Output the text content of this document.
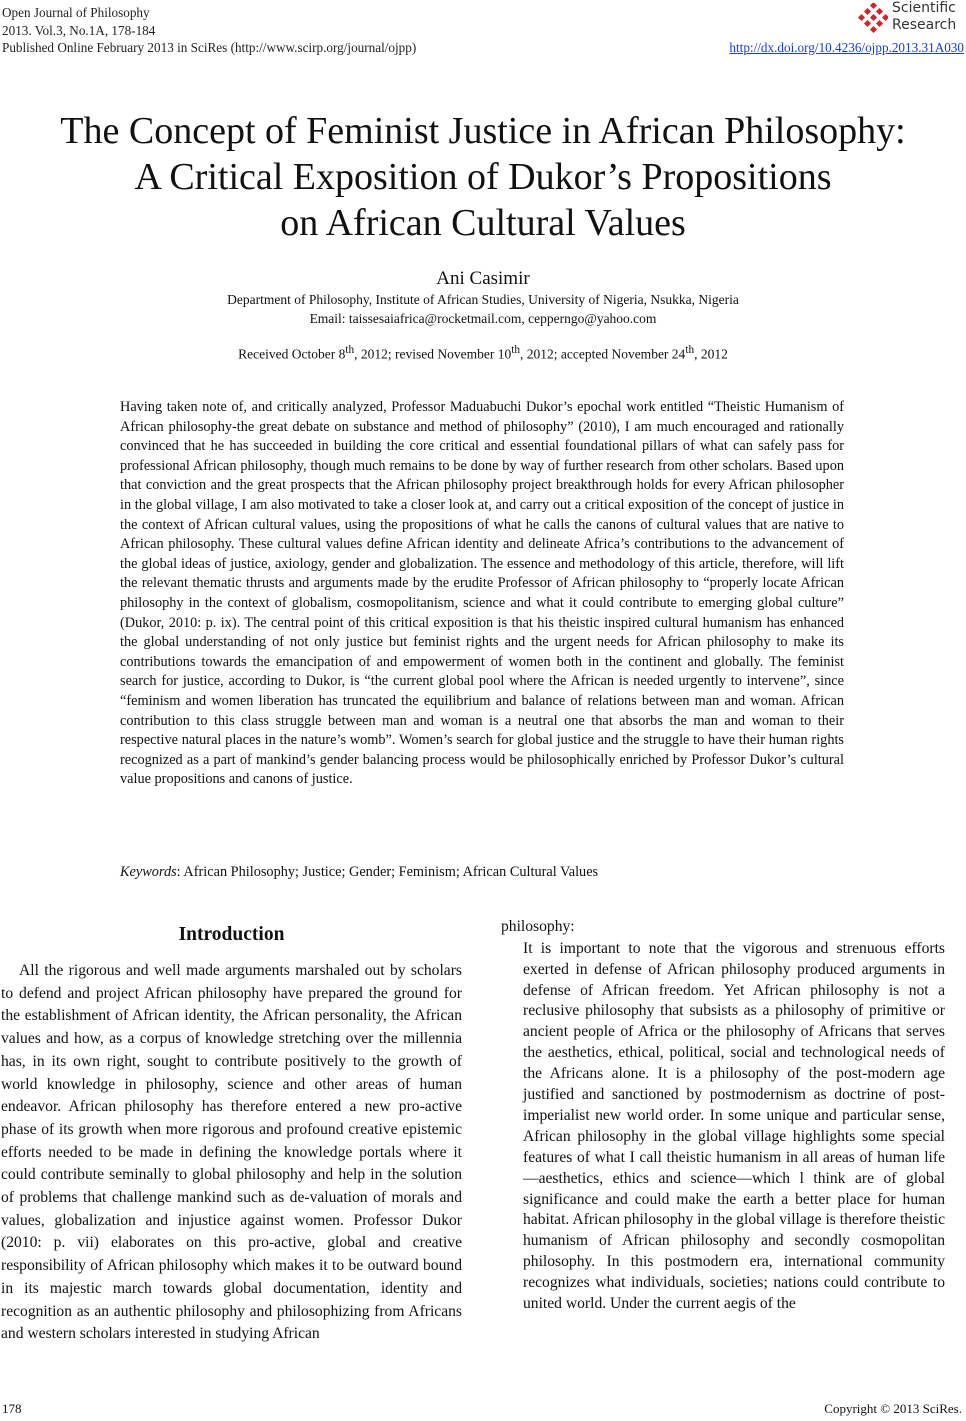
Open Journal of Philosophy
2013. Vol.3, No.1A, 178-184
Published Online February 2013 in SciRes (http://www.scirp.org/journal/ojpp)
Scientific
Research
http://dx.doi.org/10.4236/ojpp.2013.31A030
The Concept of Feminist Justice in African Philosophy:
A Critical Exposition of Dukor’s Propositions
on African Cultural Values
Ani Casimir
Department of Philosophy, Institute of African Studies, University of Nigeria, Nsukka, Nigeria
Email: taissesaiafrica@rocketmail.com, cepperngo@yahoo.com
Received October 8th, 2012; revised November 10th, 2012; accepted November 24th, 2012
Having taken note of, and critically analyzed, Professor Maduabuchi Dukor’s epochal work entitled “Theistic Humanism of African philosophy-the great debate on substance and method of philosophy” (2010), I am much encouraged and rationally convinced that he has succeeded in building the core critical and essential foundational pillars of what can safely pass for professional African philosophy, though much remains to be done by way of further research from other scholars. Based upon that conviction and the great prospects that the African philosophy project breakthrough holds for every African philosopher in the global village, I am also motivated to take a closer look at, and carry out a critical exposition of the concept of justice in the context of African cultural values, using the propositions of what he calls the canons of cultural values that are native to African philosophy. These cultural values define African identity and delineate Africa’s contributions to the advancement of the global ideas of justice, axiology, gender and globalization. The essence and methodology of this article, therefore, will lift the relevant thematic thrusts and arguments made by the erudite Professor of African philosophy to “properly locate African philosophy in the context of globalism, cosmopolitanism, science and what it could contribute to emerging global culture” (Dukor, 2010: p. ix). The central point of this critical exposition is that his theistic inspired cultural humanism has enhanced the global understanding of not only justice but feminist rights and the urgent needs for African philosophy to make its contributions towards the emancipation of and empowerment of women both in the continent and globally. The feminist search for justice, according to Dukor, is “the current global pool where the African is needed urgently to intervene”, since “feminism and women liberation has truncated the equilibrium and balance of relations between man and woman. African contribution to this class struggle between man and woman is a neutral one that absorbs the man and woman to their respective natural places in the nature’s womb”. Women’s search for global justice and the struggle to have their human rights recognized as a part of mankind’s gender balancing process would be philosophically enriched by Professor Dukor’s cultural value propositions and canons of justice.
Keywords: African Philosophy; Justice; Gender; Feminism; African Cultural Values
Introduction

All the rigorous and well made arguments marshaled out by scholars to defend and project African philosophy have prepared the ground for the establishment of African identity, the African personality, the African values and how, as a corpus of knowledge stretching over the millennia has, in its own right, sought to contribute positively to the growth of world knowledge in philosophy, science and other areas of human endeavor. African philosophy has therefore entered a new pro-active phase of its growth when more rigorous and profound creative epistemic efforts needed to be made in defining the knowledge portals where it could contribute seminally to global philosophy and help in the solution of problems that challenge mankind such as de-valuation of morals and values, globalization and injustice against women. Professor Dukor (2010: p. vii) elaborates on this pro-active, global and creative responsibility of African philosophy which makes it to be outward bound in its majestic march towards global documentation, identity and recognition as an authentic philosophy and philosophizing from Africans and western scholars interested in studying African

philosophy:
It is important to note that the vigorous and strenuous efforts exerted in defense of African philosophy produced arguments in defense of African freedom. Yet African philosophy is not a reclusive philosophy that subsists as a philosophy of primitive or ancient people of Africa or the philosophy of Africans that serves the aesthetics, ethical, political, social and technological needs of the Africans alone. It is a philosophy of the post-modern age justified and sanctioned by postmodernism as doctrine of post-imperialist new world order. In some unique and particular sense, African philosophy in the global village highlights some special features of what I call theistic humanism in all areas of human life—aesthetics, ethics and science—which l think are of global significance and could make the earth a better place for human habitat. African philosophy in the global village is therefore theistic humanism of African philosophy and secondly cosmopolitan philosophy. In this postmodern era, international community recognizes what individuals, societies; nations could contribute to united world. Under the current aegis of the
178	Copyright © 2013 SciRes.
